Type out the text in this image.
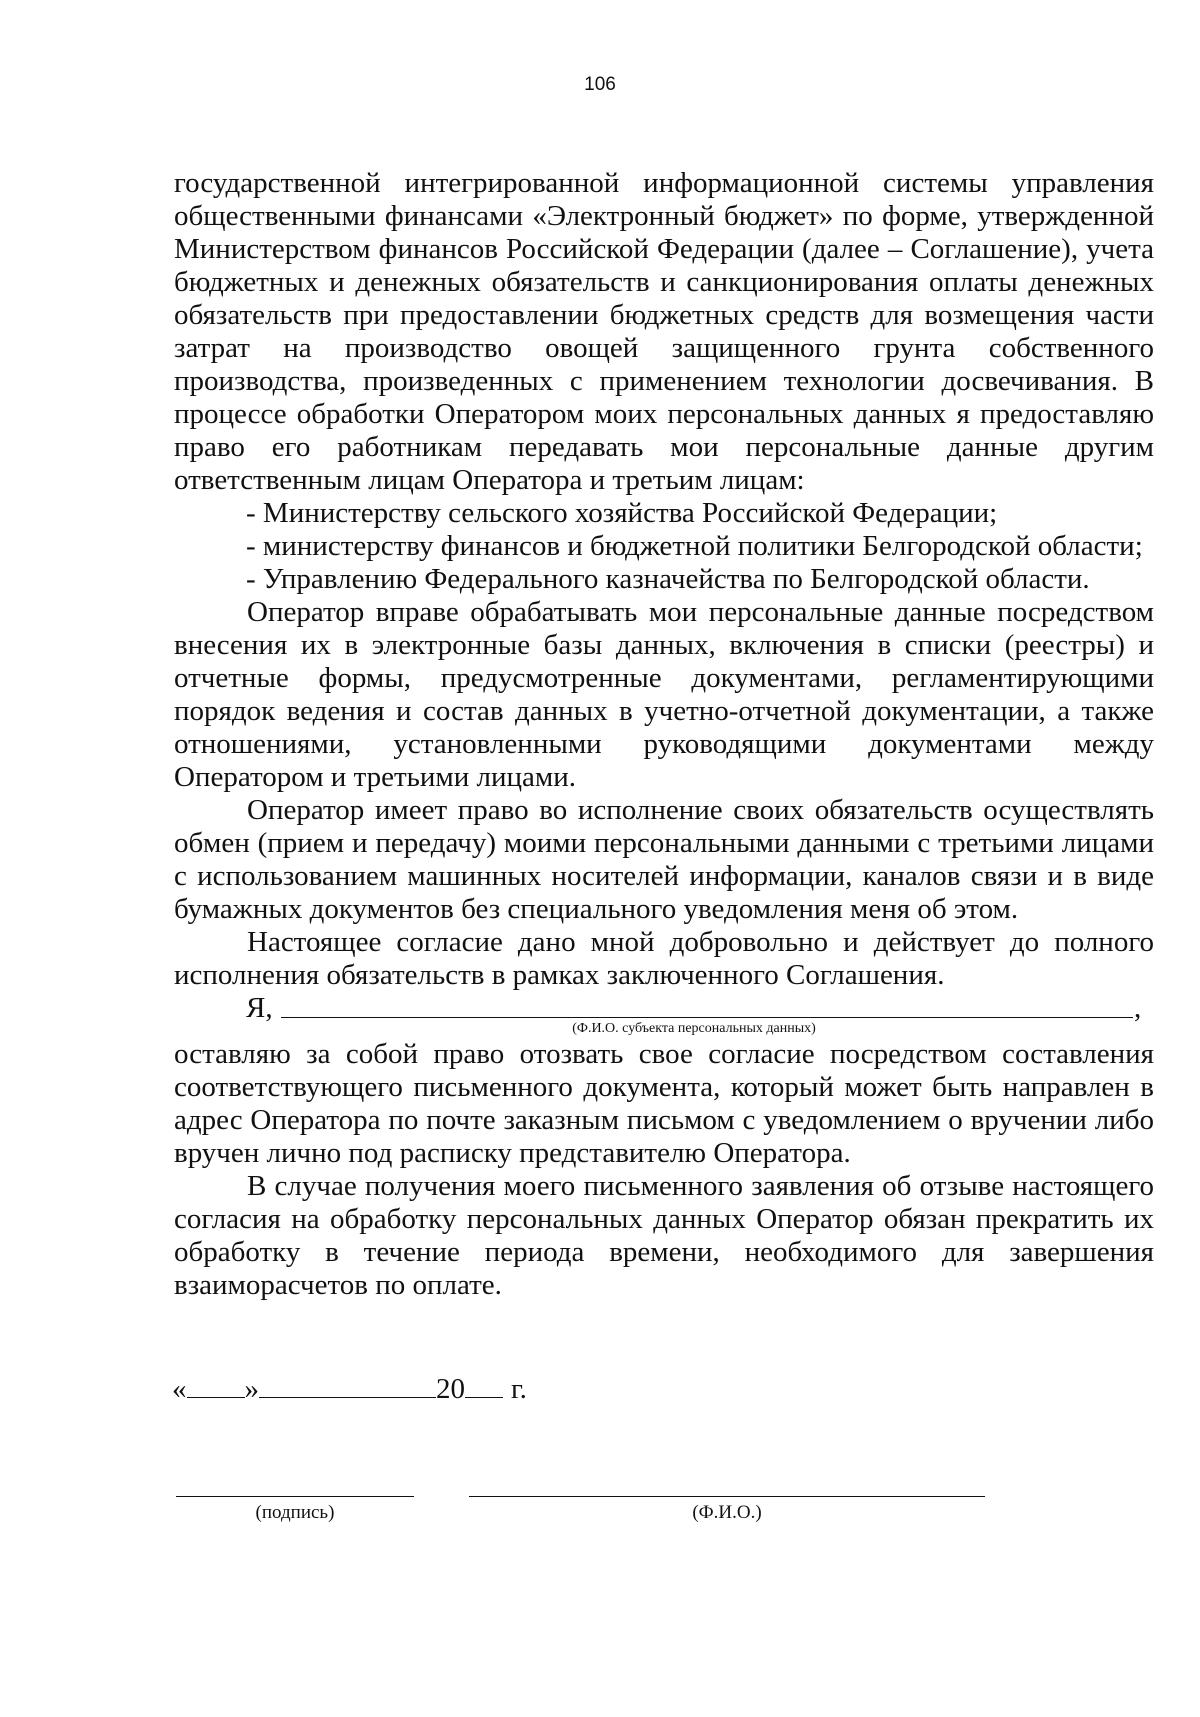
106

государственной интегрированной информационной системы управления общественными финансами «Электронный бюджет» по форме, утвержденной Министерством финансов Российской Федерации (далее – Соглашение), учета бюджетных и денежных обязательств и санкционирования оплаты денежных обязательств при предоставлении бюджетных средств для возмещения части затрат на производство овощей защищенного грунта собственного производства, произведенных с применением технологии досвечивания. В процессе обработки Оператором моих персональных данных я предоставляю право его работникам передавать мои персональные данные другим ответственным лицам Оператора и третьим лицам:

- Министерству сельского хозяйства Российской Федерации;

- министерству финансов и бюджетной политики Белгородской области;

- Управлению Федерального казначейства по Белгородской области.

Оператор вправе обрабатывать мои персональные данные посредством внесения их в электронные базы данных, включения в списки (реестры) и отчетные формы, предусмотренные документами, регламентирующими порядок ведения и состав данных в учетно-отчетной документации, а также отношениями, установленными руководящими документами между Оператором и третьими лицами.

Оператор имеет право во исполнение своих обязательств осуществлять обмен (прием и передачу) моими персональными данными с третьими лицами с использованием машинных носителей информации, каналов связи и в виде бумажных документов без специального уведомления меня об этом.

Настоящее согласие дано мной добровольно и действует до полного исполнения обязательств в рамках заключенного Соглашения.

Я,	,
(Ф.И.О. субъекта персональных данных)

оставляю за собой право отозвать свое согласие посредством составления соответствующего письменного документа, который может быть направлен в адрес Оператора по почте заказным письмом с уведомлением о вручении либо вручен лично под расписку представителю Оператора.

В случае получения моего письменного заявления об отзыве настоящего согласия на обработку персональных данных Оператор обязан прекратить их обработку в течение периода времени, необходимого для завершения взаиморасчетов по оплате.

« »	20 г.
(подпись)	(Ф.И.О.)
